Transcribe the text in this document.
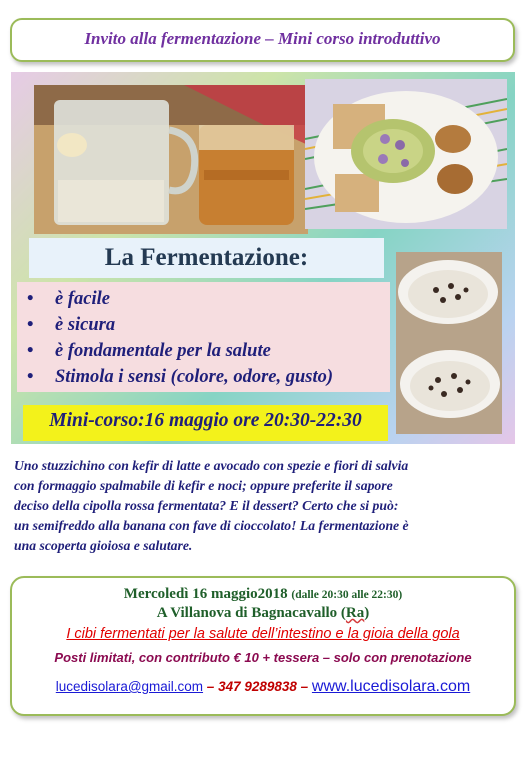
Invito alla fermentazione – Mini corso introduttivo
La Fermentazione:
• è facile
• è sicura
• è fondamentale per la salute
• Stimola i sensi (colore, odore, gusto)
Mini-corso:16 maggio ore 20:30-22:30
Uno stuzzichino con kefir di latte e avocado con spezie e fiori di salvia
con formaggio spalmabile di kefir e noci; oppure preferite il sapore
deciso della cipolla rossa fermentata? E il dessert? Certo che si può:
un semifreddo alla banana con fave di cioccolato! La fermentazione è
una scoperta gioiosa e salutare.
Mercoledì 16 maggio2018 (dalle 20:30 alle 22:30)
A Villanova di Bagnacavallo (Ra)
I cibi fermentati per la salute dell’intestino e la gioia della gola
Posti limitati, con contributo € 10 + tessera – solo con prenotazione
lucedisolara@gmail.com – 347 9289838 – www.lucedisolara.com
